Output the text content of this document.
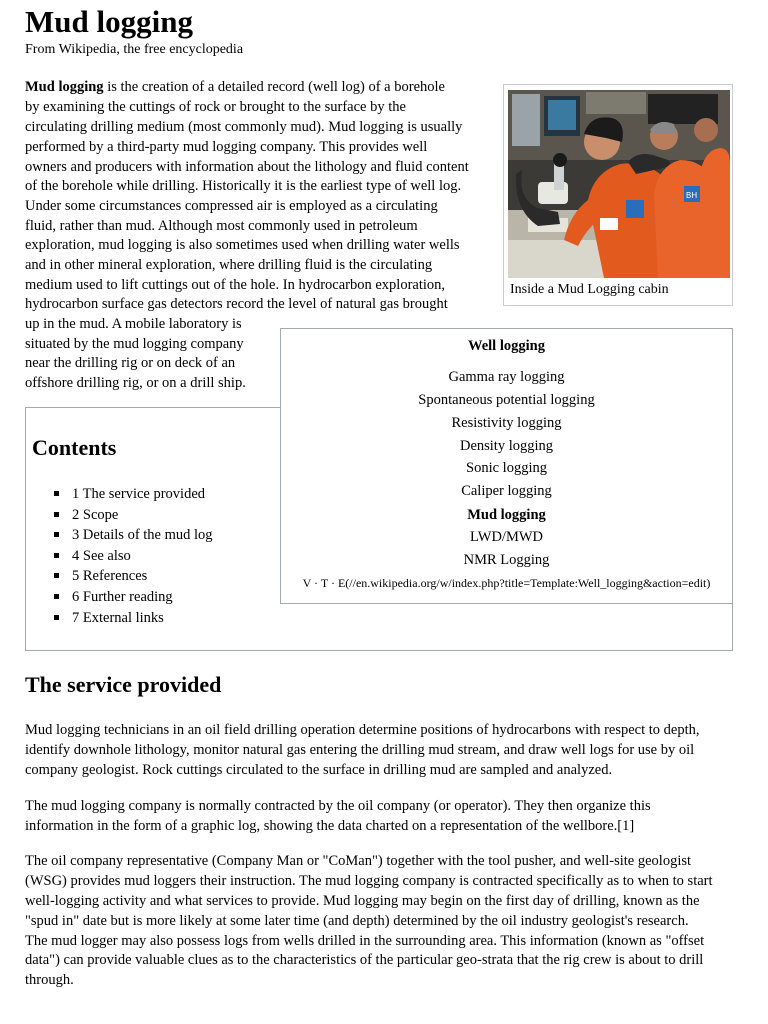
Mud logging
From Wikipedia, the free encyclopedia
Mud logging is the creation of a detailed record (well log) of a borehole
by examining the cuttings of rock or brought to the surface by the
circulating drilling medium (most commonly mud). Mud logging is usually
performed by a third-party mud logging company. This provides well
owners and producers with information about the lithology and fluid content
of the borehole while drilling. Historically it is the earliest type of well log.
Under some circumstances compressed air is employed as a circulating
fluid, rather than mud. Although most commonly used in petroleum
exploration, mud logging is also sometimes used when drilling water wells
and in other mineral exploration, where drilling fluid is the circulating
medium used to lift cuttings out of the hole. In hydrocarbon exploration,
hydrocarbon surface gas detectors record the level of natural gas brought
up in the mud. A mobile laboratory is
situated by the mud logging company
near the drilling rig or on deck of an
offshore drilling rig, or on a drill ship.
BH
Inside a Mud Logging cabin
Contents
1 The service provided
2 Scope
3 Details of the mud log
4 See also
5 References
6 Further reading
7 External links
Well logging
Gamma ray logging
Spontaneous potential logging
Resistivity logging
Density logging
Sonic logging
Caliper logging
Mud logging
LWD/MWD
NMR Logging
V · T · E(//en.wikipedia.org/w/index.php?title=Template:Well_logging&action=edit)
The service provided
Mud logging technicians in an oil field drilling operation determine positions of hydrocarbons with respect to depth,
identify downhole lithology, monitor natural gas entering the drilling mud stream, and draw well logs for use by oil
company geologist. Rock cuttings circulated to the surface in drilling mud are sampled and analyzed.
The mud logging company is normally contracted by the oil company (or operator). They then organize this
information in the form of a graphic log, showing the data charted on a representation of the wellbore.[1]
The oil company representative (Company Man or "CoMan") together with the tool pusher, and well-site geologist
(WSG) provides mud loggers their instruction. The mud logging company is contracted specifically as to when to start
well-logging activity and what services to provide. Mud logging may begin on the first day of drilling, known as the
"spud in" date but is more likely at some later time (and depth) determined by the oil industry geologist's research.
The mud logger may also possess logs from wells drilled in the surrounding area. This information (known as "offset
data") can provide valuable clues as to the characteristics of the particular geo-strata that the rig crew is about to drill
through.
